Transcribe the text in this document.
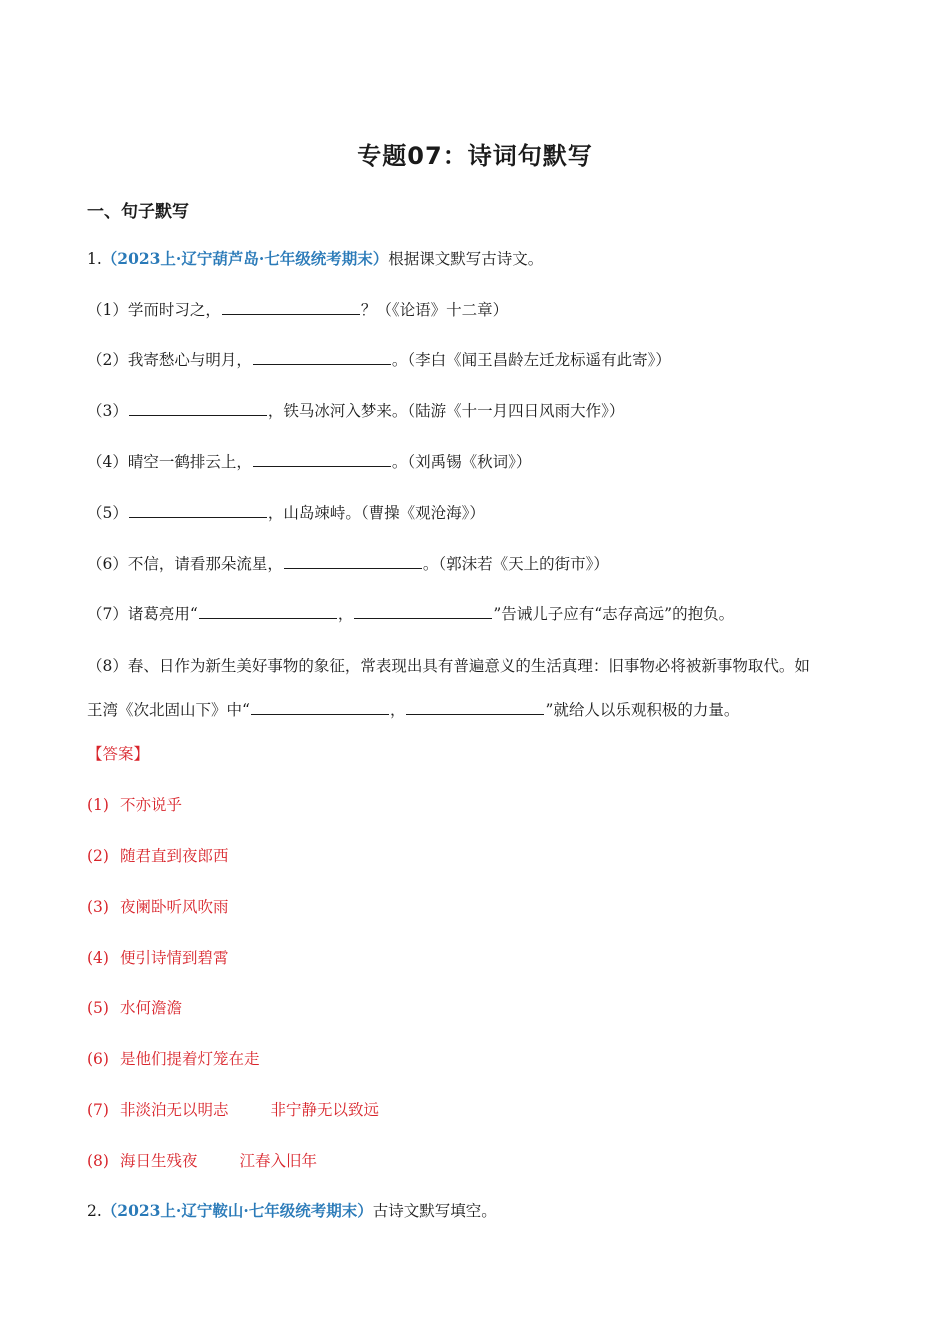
专题07：诗词句默写
一、句子默写
1.（2023上·辽宁葫芦岛·七年级统考期末）根据课文默写古诗文。
（1）学而时习之，	？（《论语》十二章）
（2）我寄愁心与明月，	。（李白《闻王昌龄左迁龙标遥有此寄》）
（3）	，铁马冰河入梦来。（陆游《十一月四日风雨大作》）
（4）晴空一鹤排云上，	。（刘禹锡《秋词》）
（5）	，山岛竦峙。（曹操《观沧海》）
（6）不信，请看那朵流星，	。（郭沫若《天上的街市》）
（7）诸葛亮用“	，	”告诫儿子应有“志存高远”的抱负。
（8）春、日作为新生美好事物的象征，常表现出具有普遍意义的生活真理：旧事物必将被新事物取代。如
王湾《次北固山下》中“	，	”就给人以乐观积极的力量。
【答案】
(1) 不亦说乎
(2) 随君直到夜郎西
(3) 夜阑卧听风吹雨
(4) 便引诗情到碧霄
(5) 水何澹澹
(6) 是他们提着灯笼在走
(7) 非淡泊无以明志	非宁静无以致远
(8) 海日生残夜	江春入旧年
2.（2023上·辽宁鞍山·七年级统考期末）古诗文默写填空。
